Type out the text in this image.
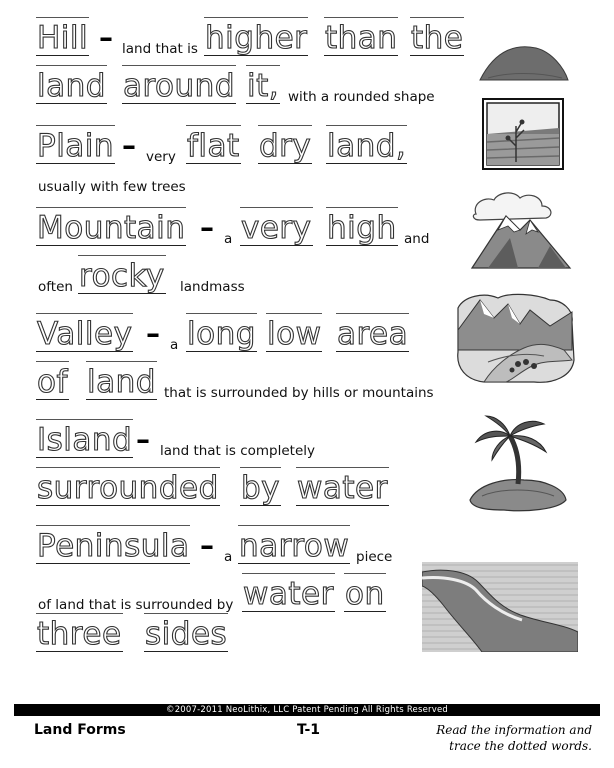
Hill – land that is higher than the
land around it, with a rounded shape
Plain – very flat dry land,
usually with few trees
Mountain – a very high and
often rocky landmass
Valley – a long low area
of land that is surrounded by hills or mountains
Island – land that is completely
surrounded by water
Peninsula – a narrow piece
of land that is surrounded by water on
three sides
©2007-2011 NeoLithix, LLC Patent Pending All Rights Reserved
Land Forms	T-1	Read the information and
trace the dotted words.
